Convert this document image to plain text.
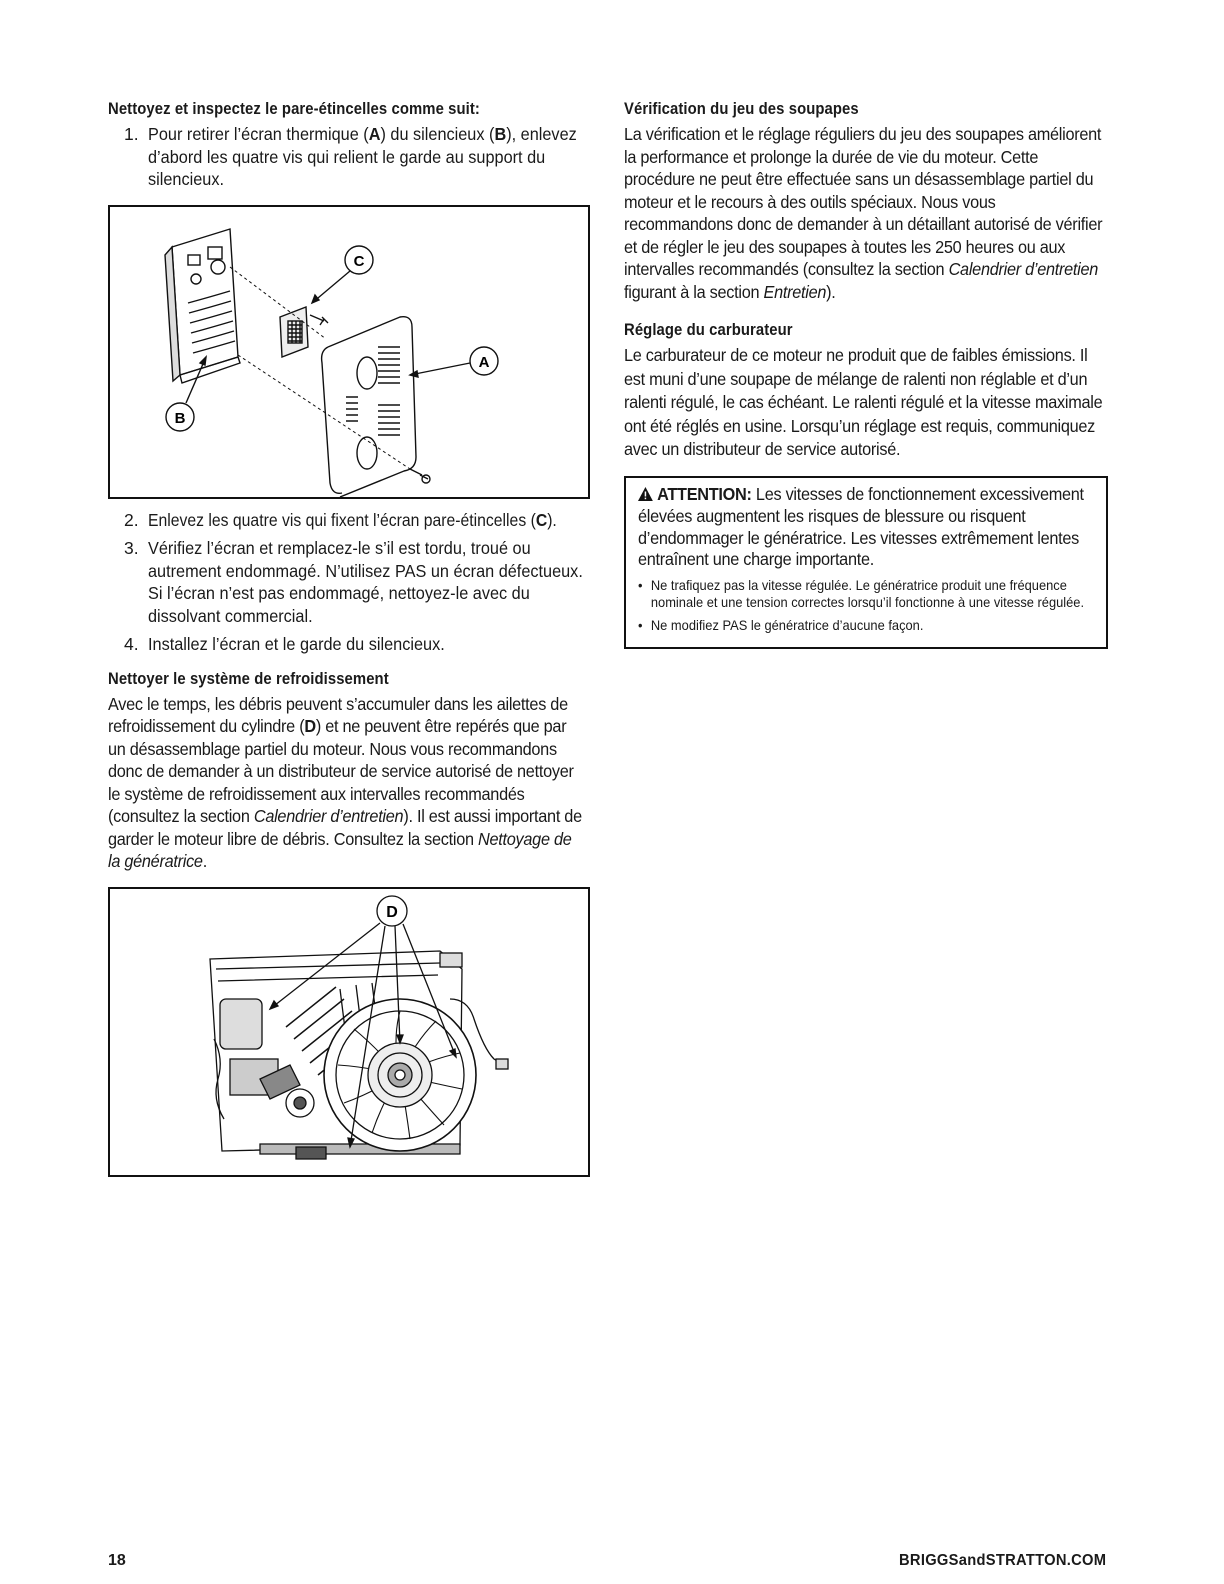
Nettoyez et inspectez le pare-étincelles comme suit:
1. Pour retirer l’écran thermique (A) du silencieux (B), enlevez d’abord les quatre vis qui relient le garde au support du silencieux.
C
A
B
2. Enlevez les quatre vis qui fixent l’écran pare-étincelles (C).
3. Vérifiez l’écran et remplacez-le s’il est tordu, troué ou autrement endommagé. N’utilisez PAS un écran défectueux. Si l’écran n’est pas endommagé, nettoyez-le avec du dissolvant commercial.
4. Installez l’écran et le garde du silencieux.
Nettoyer le système de refroidissement

Avec le temps, les débris peuvent s’accumuler dans les ailettes de refroidissement du cylindre (D) et ne peuvent être repérés que par un désassemblage partiel du moteur. Nous vous recommandons donc de demander à un distributeur de service autorisé de nettoyer le système de refroidissement aux intervalles recommandés (consultez la section Calendrier d’entretien). Il est aussi important de garder le moteur libre de débris. Consultez la section Nettoyage de la génératrice.

D
Vérification du jeu des soupapes

La vérification et le réglage réguliers du jeu des soupapes améliorent la performance et prolonge la durée de vie du moteur. Cette procédure ne peut être effectuée sans un désassemblage partiel du moteur et le recours à des outils spéciaux. Nous vous recommandons donc de demander à un détaillant autorisé de vérifier et de régler le jeu des soupapes à toutes les 250 heures ou aux intervalles recommandés (consultez la section Calendrier d’entretien figurant à la section Entretien).

Réglage du carburateur

Le carburateur de ce moteur ne produit que de faibles émissions. Il est muni d’une soupape de mélange de ralenti non réglable et d’un ralenti régulé, le cas échéant. Le ralenti régulé et la vitesse maximale ont été réglés en usine. Lorsqu’un réglage est requis, communiquez avec un distributeur de service autorisé.

ATTENTION: Les vitesses de fonctionnement excessivement élevées augmentent les risques de blessure ou risquent d’endommager le génératrice. Les vitesses extrêmement lentes entraînent une charge importante.

• Ne trafiquez pas la vitesse régulée. Le génératrice produit une fréquence nominale et une tension correctes lorsqu’il fonctionne à une vitesse régulée.
• Ne modifiez PAS le génératrice d’aucune façon.
18	BRIGGSandSTRATTON.COM
